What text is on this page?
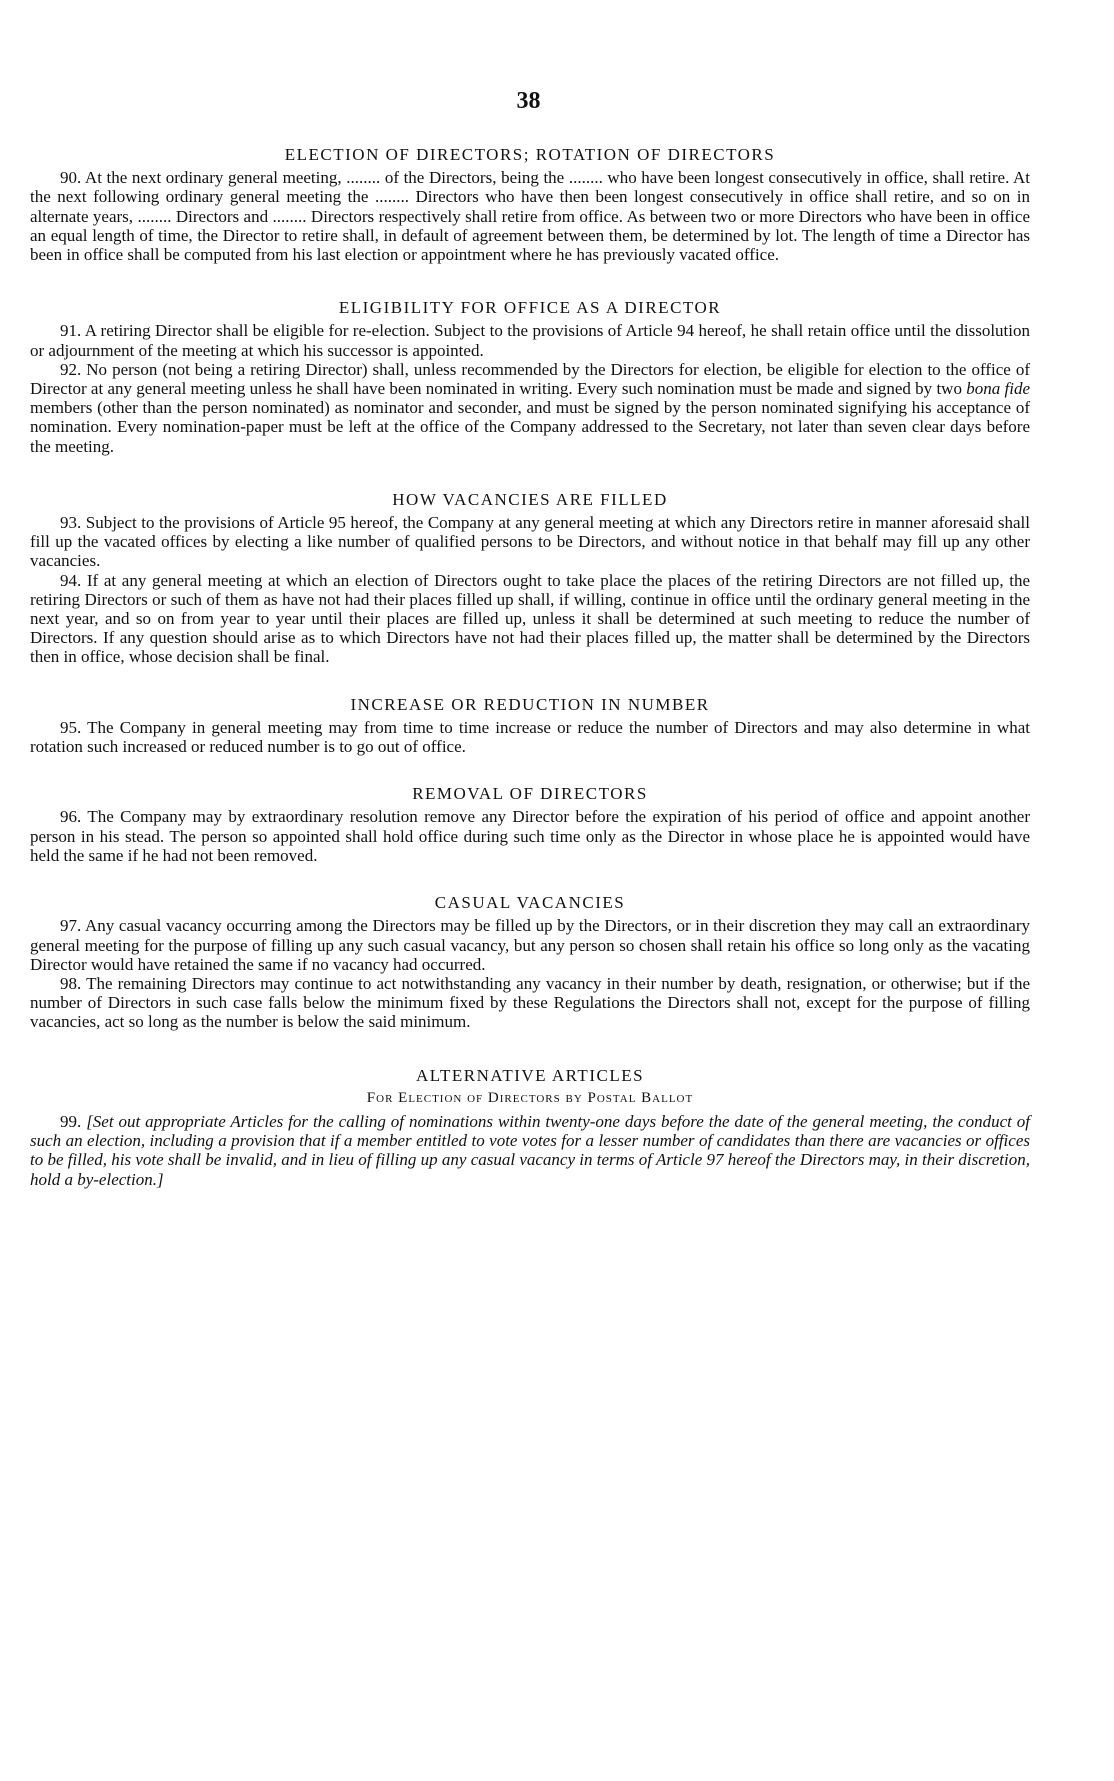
38
ELECTION OF DIRECTORS; ROTATION OF DIRECTORS

90. At the next ordinary general meeting, ........ of the Directors, being the ........ who have been longest consecutively in office, shall retire. At the next following ordinary general meeting the ........ Directors who have then been longest consecutively in office shall retire, and so on in alternate years, ........ Directors and ........ Directors respectively shall retire from office. As between two or more Directors who have been in office an equal length of time, the Director to retire shall, in default of agreement between them, be determined by lot. The length of time a Director has been in office shall be computed from his last election or appointment where he has previously vacated office.

ELIGIBILITY FOR OFFICE AS A DIRECTOR

91. A retiring Director shall be eligible for re-election. Subject to the provisions of Article 94 hereof, he shall retain office until the dissolution or adjournment of the meeting at which his successor is appointed.

92. No person (not being a retiring Director) shall, unless recommended by the Directors for election, be eligible for election to the office of Director at any general meeting unless he shall have been nominated in writing. Every such nomination must be made and signed by two bona fide members (other than the person nominated) as nominator and seconder, and must be signed by the person nominated signifying his acceptance of nomination. Every nomination-paper must be left at the office of the Company addressed to the Secretary, not later than seven clear days before the meeting.

HOW VACANCIES ARE FILLED

93. Subject to the provisions of Article 95 hereof, the Company at any general meeting at which any Directors retire in manner aforesaid shall fill up the vacated offices by electing a like number of qualified persons to be Directors, and without notice in that behalf may fill up any other vacancies.

94. If at any general meeting at which an election of Directors ought to take place the places of the retiring Directors are not filled up, the retiring Directors or such of them as have not had their places filled up shall, if willing, continue in office until the ordinary general meeting in the next year, and so on from year to year until their places are filled up, unless it shall be determined at such meeting to reduce the number of Directors. If any question should arise as to which Directors have not had their places filled up, the matter shall be determined by the Directors then in office, whose decision shall be final.

INCREASE OR REDUCTION IN NUMBER

95. The Company in general meeting may from time to time increase or reduce the number of Directors and may also determine in what rotation such increased or reduced number is to go out of office.

REMOVAL OF DIRECTORS

96. The Company may by extraordinary resolution remove any Director before the expiration of his period of office and appoint another person in his stead. The person so appointed shall hold office during such time only as the Director in whose place he is appointed would have held the same if he had not been removed.

CASUAL VACANCIES

97. Any casual vacancy occurring among the Directors may be filled up by the Directors, or in their discretion they may call an extraordinary general meeting for the purpose of filling up any such casual vacancy, but any person so chosen shall retain his office so long only as the vacating Director would have retained the same if no vacancy had occurred.

98. The remaining Directors may continue to act notwithstanding any vacancy in their number by death, resignation, or otherwise; but if the number of Directors in such case falls below the minimum fixed by these Regulations the Directors shall not, except for the purpose of filling vacancies, act so long as the number is below the said minimum.

ALTERNATIVE ARTICLES
For Election of Directors by Postal Ballot

99. [Set out appropriate Articles for the calling of nominations within twenty-one days before the date of the general meeting, the conduct of such an election, including a provision that if a member entitled to vote votes for a lesser number of candidates than there are vacancies or offices to be filled, his vote shall be invalid, and in lieu of filling up any casual vacancy in terms of Article 97 hereof the Directors may, in their discretion, hold a by-election.]
